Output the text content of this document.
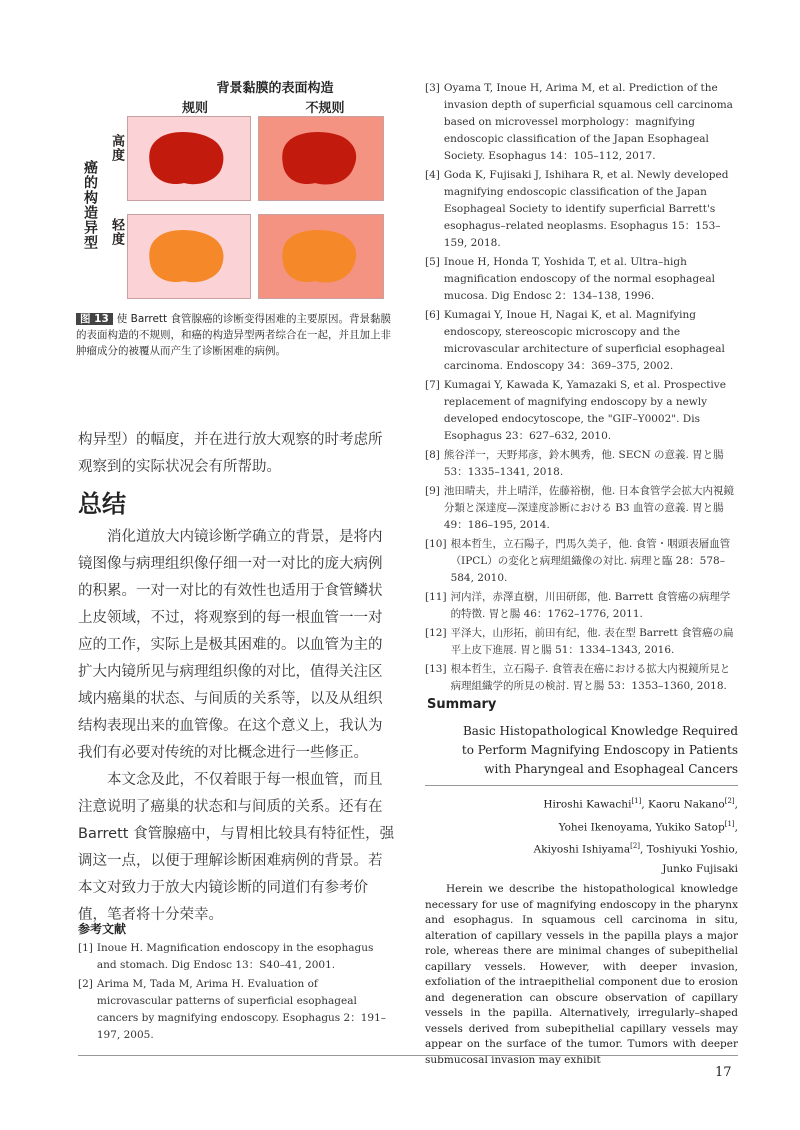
背景黏膜的表面构造
规则	不规则
癌的构造异型
高度
轻度
图 13 使 Barrett 食管腺癌的诊断变得困难的主要原因。背景黏膜的表面构造的不规则，和癌的构造异型两者综合在一起，并且加上非肿瘤成分的被覆从而产生了诊断困难的病例。

构异型）的幅度，并在进行放大观察的时考虑所观察到的实际状况会有所帮助。

总结

消化道放大内镜诊断学确立的背景，是将内镜图像与病理组织像仔细一对一对比的庞大病例的积累。一对一对比的有效性也适用于食管鳞状上皮领域，不过，将观察到的每一根血管一一对应的工作，实际上是极其困难的。以血管为主的扩大内镜所见与病理组织像的对比，值得关注区域内癌巢的状态、与间质的关系等，以及从组织结构表现出来的血管像。在这个意义上，我认为我们有必要对传统的对比概念进行一些修正。

本文念及此，不仅着眼于每一根血管，而且注意说明了癌巢的状态和与间质的关系。还有在 Barrett 食管腺癌中，与胃相比较具有特征性，强调这一点，以便于理解诊断困难病例的背景。若本文对致力于放大内镜诊断的同道们有参考价值，笔者将十分荣幸。

参考文献
[1] Inoue H. Magnification endoscopy in the esophagus and stomach. Dig Endosc 13：S40–41, 2001.
[2] Arima M, Tada M, Arima H. Evaluation of microvascular patterns of superficial esophageal cancers by magnifying endoscopy. Esophagus 2：191–197, 2005.
[3] Oyama T, Inoue H, Arima M, et al. Prediction of the invasion depth of superficial squamous cell carcinoma based on microvessel morphology：magnifying endoscopic classification of the Japan Esophageal Society. Esophagus 14：105–112, 2017.
[4] Goda K, Fujisaki J, Ishihara R, et al. Newly developed magnifying endoscopic classification of the Japan Esophageal Society to identify superficial Barrett's esophagus–related neoplasms. Esophagus 15：153–159, 2018.
[5] Inoue H, Honda T, Yoshida T, et al. Ultra–high magnification endoscopy of the normal esophageal mucosa. Dig Endosc 2：134–138, 1996.
[6] Kumagai Y, Inoue H, Nagai K, et al. Magnifying endoscopy, stereoscopic microscopy and the microvascular architecture of superficial esophageal carcinoma. Endoscopy 34：369–375, 2002.
[7] Kumagai Y, Kawada K, Yamazaki S, et al. Prospective replacement of magnifying endoscopy by a newly developed endocytoscope, the "GIF–Y0002". Dis Esophagus 23：627–632, 2010.
[8] 熊谷洋一，天野邦彦，鈴木興秀，他. SECN の意義. 胃と腸 53：1335–1341, 2018.
[9] 池田晴夫，井上晴洋，佐藤裕樹，他. 日本食管学会拡大内視鏡分類と深達度—深達度診断における B3 血管の意義. 胃と腸 49：186–195, 2014.
[10] 根本哲生，立石陽子，門馬久美子，他. 食管・咽頭表層血管（IPCL）の変化と病理組織像の対比. 病理と臨 28：578–584, 2010.
[11] 河内洋，赤澤直樹，川田研郎，他. Barrett 食管癌の病理学的特徴. 胃と腸 46：1762–1776, 2011.
[12] 平泽大，山形拓，前田有纪，他. 表在型 Barrett 食管癌の扁平上皮下進展. 胃と腸 51：1334–1343, 2016.
[13] 根本哲生，立石陽子. 食管表在癌における拡大内視鏡所見と病理組織学的所見の検討. 胃と腸 53：1353–1360, 2018.
Summary
Basic Histopathological Knowledge Required
to Perform Magnifying Endoscopy in Patients
with Pharyngeal and Esophageal Cancers
Hiroshi Kawachi[1], Kaoru Nakano[2],
Yohei Ikenoyama, Yukiko Satop[1],
Akiyoshi Ishiyama[2], Toshiyuki Yoshio,
Junko Fujisaki
Herein we describe the histopathological knowledge necessary for use of magnifying endoscopy in the pharynx and esophagus. In squamous cell carcinoma in situ, alteration of capillary vessels in the papilla plays a major role, whereas there are minimal changes of subepithelial capillary vessels. However, with deeper invasion, exfoliation of the intraepithelial component due to erosion and degeneration can obscure observation of capillary vessels in the papilla. Alternatively, irregularly–shaped vessels derived from subepithelial capillary vessels may appear on the surface of the tumor. Tumors with deeper submucosal invasion may exhibit
17
